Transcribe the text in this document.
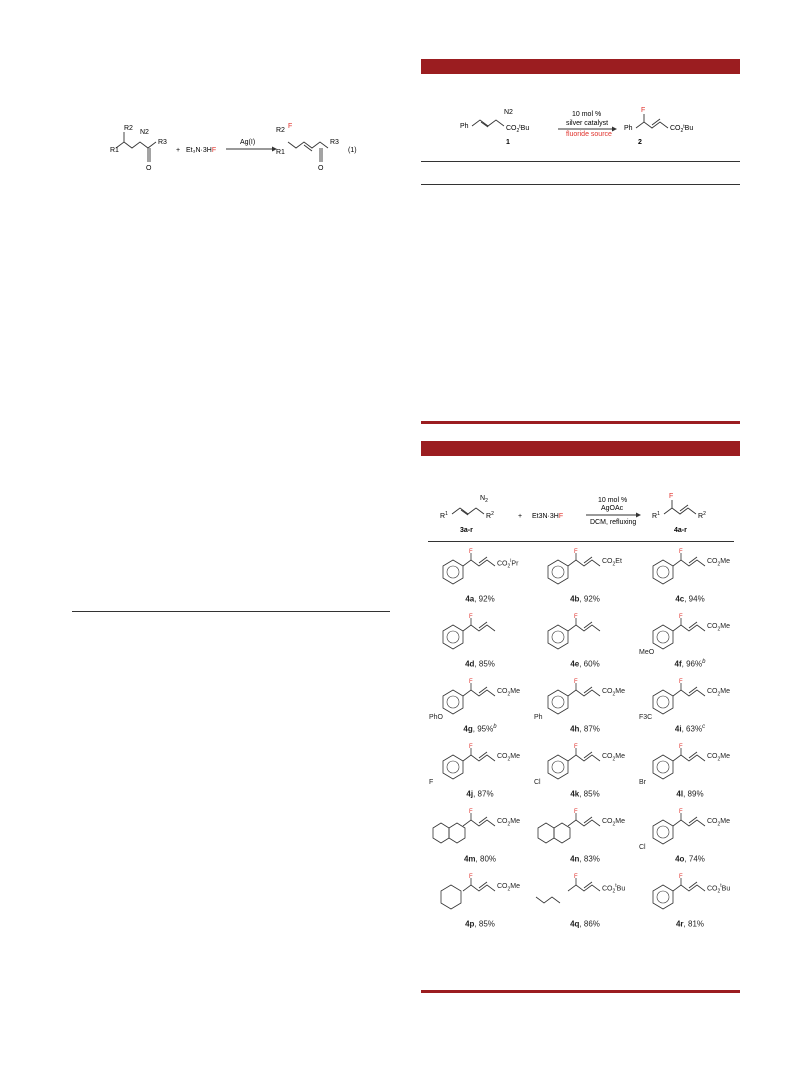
R2
N2
R3
R1
O
+ Et₃N·3HF
Ag(I)
R2
F
R1
R3
O
(1)
Ph
N2
$CO_2^tBu$
1
10 mol %
silver catalyst
fluoride source
Ph
F
$CO_2^tBu$
2
$R^1$
$N_2$
$R^2$
3a-r
+ Et3N·3HF
10 mol %
AgOAc
DCM, refluxing
$R^1$
F
$R^2$
4a-r
F
$CO_2^iPr$
4a, 92%
F
$CO_2Et$
4b, 92%
F
$CO_2Me$
4c, 94%
F
4d, 85%
F
4e, 60%
F
$CO_2Me$
MeO
4f, 96%$^b$
F
$CO_2Me$
PhO
4g, 95%$^b$
F
$CO_2Me$
Ph
4h, 87%
F
$CO_2Me$
F3C
4i, 63%$^c$
F
$CO_2Me$
F
4j, 87%
F
$CO_2Me$
Cl
4k, 85%
F
$CO_2Me$
Br
4l, 89%
F
$CO_2Me$
4m, 80%
F
$CO_2Me$
4n, 83%
F
$CO_2Me$
Cl
4o, 74%
F
$CO_2Me$
4p, 85%
F
$CO_2^tBu$
4q, 86%
F
$CO_2^tBu$
4r, 81%
